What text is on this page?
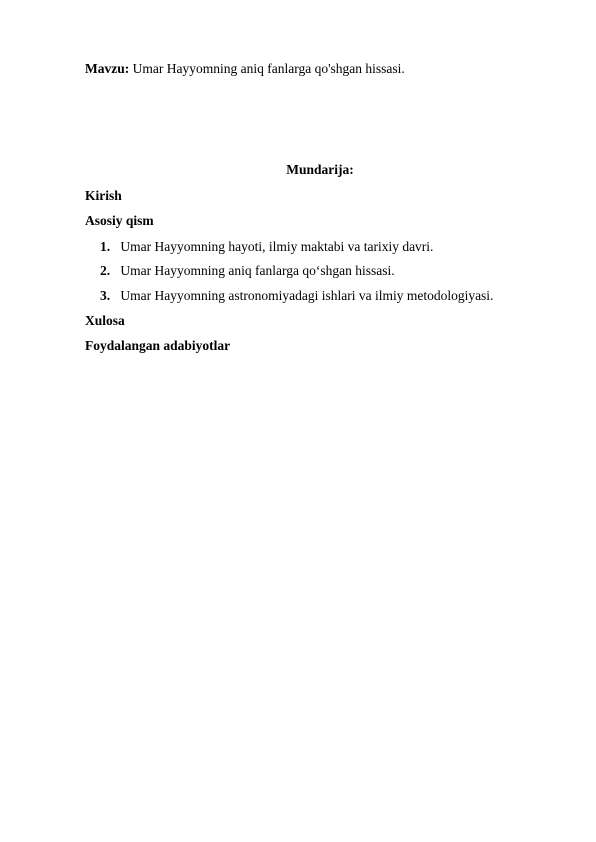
Mavzu: Umar Hayyomning aniq fanlarga qo'shgan hissasi.
Mundarija:
Kirish
Asosiy qism
1. Umar Hayyomning hayoti, ilmiy maktabi va tarixiy davri.
2. Umar Hayyomning aniq fanlarga qo‘shgan hissasi.
3. Umar Hayyomning astronomiyadagi ishlari va ilmiy metodologiyasi.
Xulosa
Foydalangan adabiyotlar
